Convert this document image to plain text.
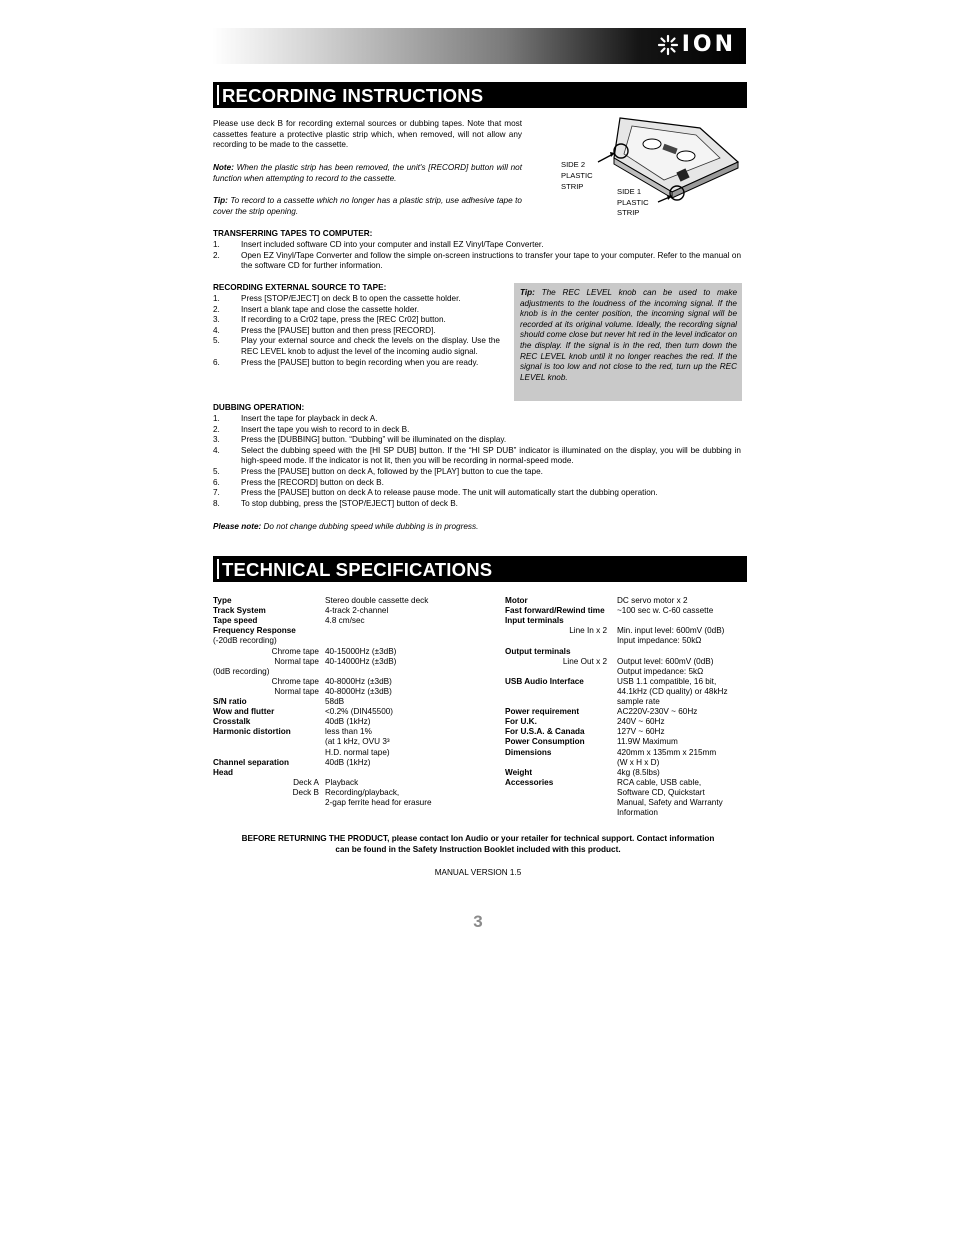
ION
RECORDING INSTRUCTIONS
Please use deck B for recording external sources or dubbing tapes. Note that most cassettes feature a protective plastic strip which, when removed, will not allow any recording to be made to the cassette.
Note: When the plastic strip has been removed, the unit's [RECORD] button will not function when attempting to record to the cassette.
Tip: To record to a cassette which no longer has a plastic strip, use adhesive tape to cover the strip opening.
SIDE 2
PLASTIC
STRIP
SIDE 1
PLASTIC
STRIP
TRANSFERRING TAPES TO COMPUTER:
1.	Insert included software CD into your computer and install EZ Vinyl/Tape Converter.
2.	Open EZ Vinyl/Tape Converter and follow the simple on-screen instructions to transfer your tape to your computer. Refer to the manual on the software CD for further information.
RECORDING EXTERNAL SOURCE TO TAPE:
1.	Press [STOP/EJECT] on deck B to open the cassette holder.
2.	Insert a blank tape and close the cassette holder.
3.	If recording to a Cr02 tape, press the [REC Cr02] button.
4.	Press the [PAUSE] button and then press [RECORD].
5.	Play your external source and check the levels on the display. Use the REC LEVEL knob to adjust the level of the incoming audio signal.
6.	Press the [PAUSE] button to begin recording when you are ready.
Tip: The REC LEVEL knob can be used to make adjustments to the loudness of the incoming signal. If the knob is in the center position, the incoming signal will be recorded at its original volume. Ideally, the recording signal should come close but never hit red in the level indicator on the display. If the signal is in the red, then turn down the REC LEVEL knob until it no longer reaches the red. If the signal is too low and not close to the red, turn up the REC LEVEL knob.
DUBBING OPERATION:
1.	Insert the tape for playback in deck A.
2.	Insert the tape you wish to record to in deck B.
3.	Press the [DUBBING] button. “Dubbing” will be illuminated on the display.
4.	Select the dubbing speed with the [HI SP DUB] button. If the “HI SP DUB” indicator is illuminated on the display, you will be dubbing in high-speed mode. If the indicator is not lit, then you will be recording in normal-speed mode.
5.	Press the [PAUSE] button on deck A, followed by the [PLAY] button to cue the tape.
6.	Press the [RECORD] button on deck B.
7.	Press the [PAUSE] button on deck A to release pause mode. The unit will automatically start the dubbing operation.
8.	To stop dubbing, press the [STOP/EJECT] button of deck B.
Please note: Do not change dubbing speed while dubbing is in progress.
TECHNICAL SPECIFICATIONS
Type	Stereo double cassette deck
Track System	4-track 2-channel
Tape speed	4.8 cm/sec
Frequency Response
(-20dB recording)
Chrome tape 40-15000Hz (±3dB)
Normal tape 40-14000Hz (±3dB)
(0dB recording)
Chrome tape 40-8000Hz (±3dB)
Normal tape 40-8000Hz (±3dB)
S/N ratio	58dB
Wow and flutter	<0.2% (DIN45500)
Crosstalk	40dB (1kHz)
Harmonic distortion	less than 1%
(at 1 kHz, OVU 3³
H.D. normal tape)
Channel separation	40dB (1kHz)
Head
Deck A Playback
Deck B Recording/playback,
2-gap ferrite head for erasure
Motor	DC servo motor x 2
Fast forward/Rewind time ~100 sec w. C-60 cassette
Input terminals
Line In x 2 Min. input level: 600mV (0dB)
Input impedance: 50kΩ
Output terminals
Line Out x 2 Output level: 600mV (0dB)
Output impedance: 5kΩ
USB Audio Interface	USB 1.1 compatible, 16 bit,
44.1kHz (CD quality) or 48kHz
sample rate
Power requirement	AC220V-230V ~ 60Hz
For U.K.	240V ~ 60Hz
For U.S.A. & Canada	127V ~ 60Hz
Power Consumption	11.9W Maximum
Dimensions	420mm x 135mm x 215mm
(W x H x D)
Weight	4kg (8.5lbs)
Accessories	RCA cable, USB cable,
Software CD, Quickstart
Manual, Safety and Warranty
Information
BEFORE RETURNING THE PRODUCT, please contact Ion Audio or your retailer for technical support. Contact information
can be found in the Safety Instruction Booklet included with this product.
MANUAL VERSION 1.5
3
